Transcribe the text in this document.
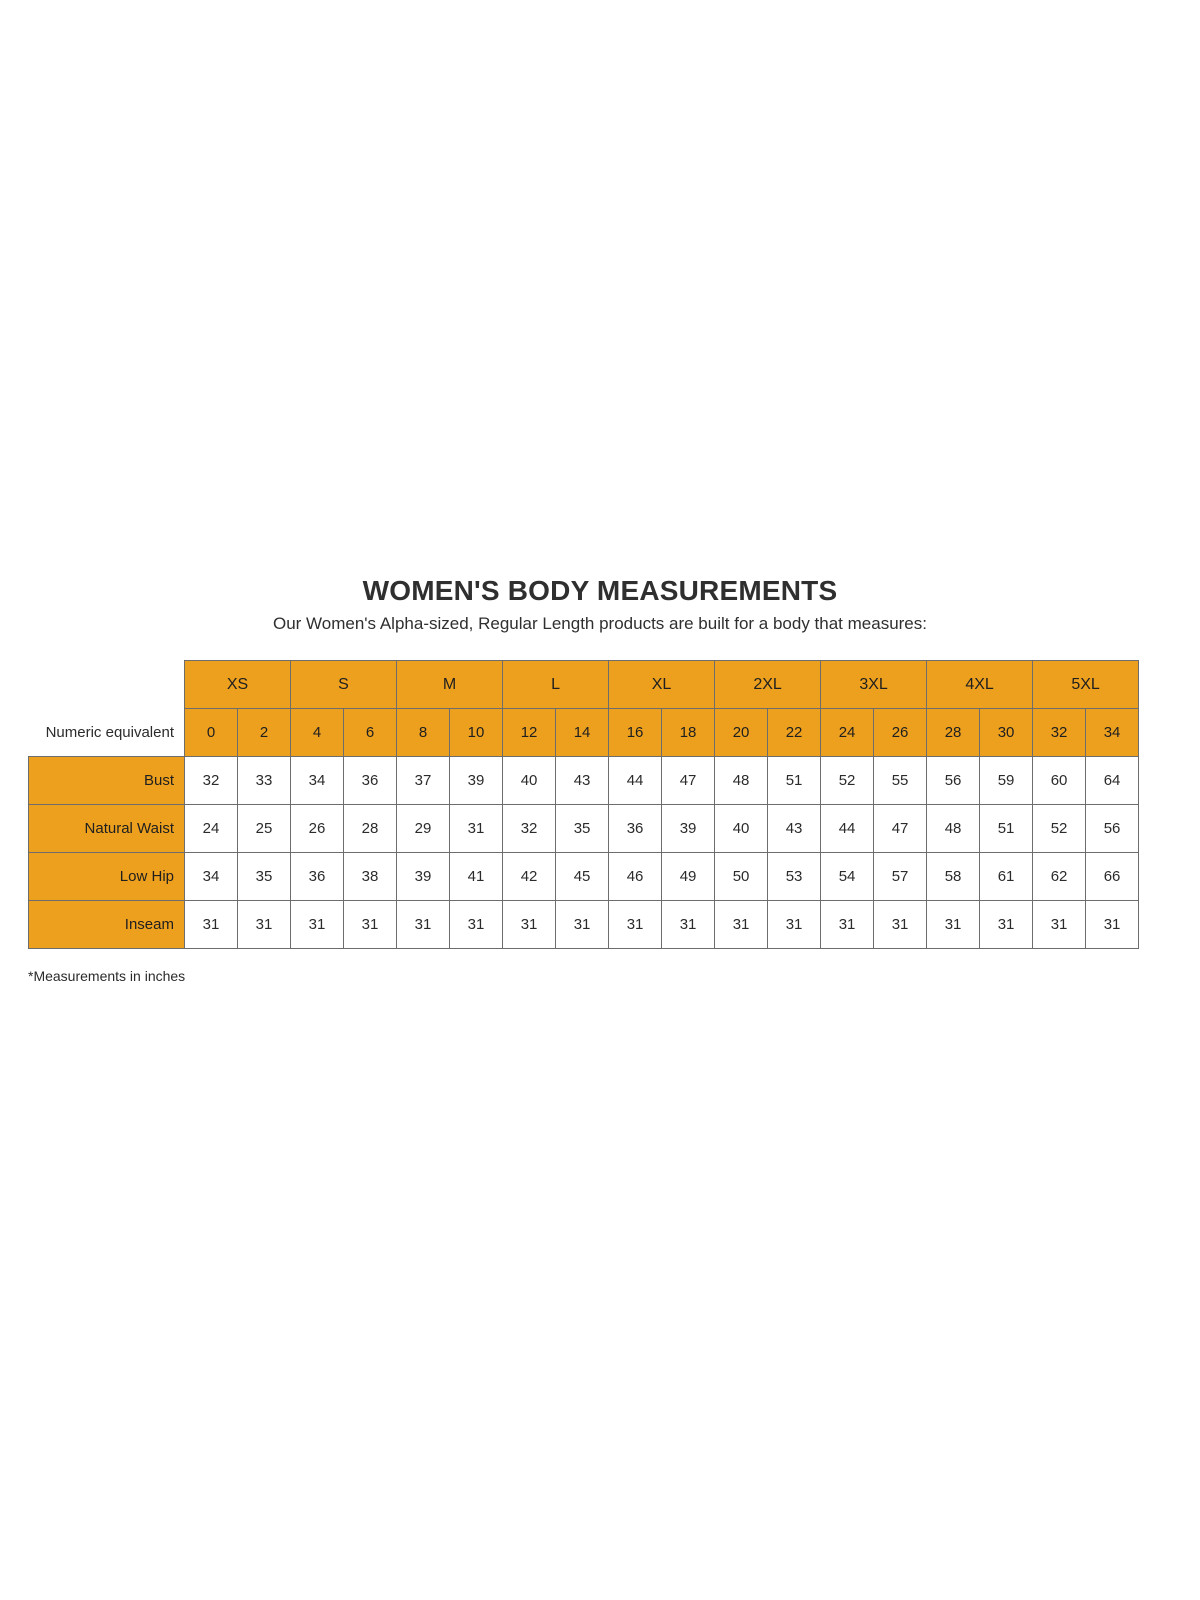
WOMEN'S BODY MEASUREMENTS

Our Women's Alpha-sized, Regular Length products are built for a body that measures:

	XS		S		M		L		XL		2XL		3XL		4XL		5XL	
Numeric equivalent	0	2	4	6	8	10	12	14	16	18	20	22	24	26	28	30	32	34
Bust	32	33	34	36	37	39	40	43	44	47	48	51	52	55	56	59	60	64
Natural Waist	24	25	26	28	29	31	32	35	36	39	40	43	44	47	48	51	52	56
Low Hip	34	35	36	38	39	41	42	45	46	49	50	53	54	57	58	61	62	66
Inseam	31	31	31	31	31	31	31	31	31	31	31	31	31	31	31	31	31	31
*Measurements in inches
